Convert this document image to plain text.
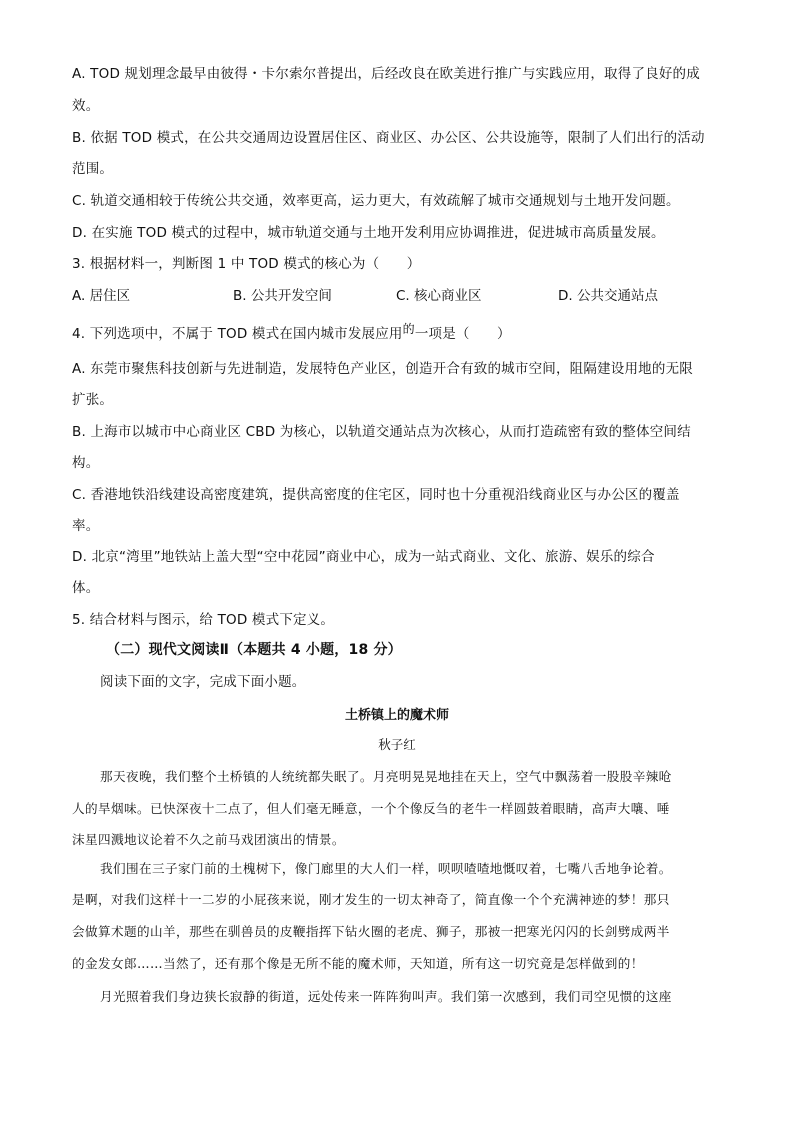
A. TOD 规划理念最早由彼得・卡尔索尔普提出，后经改良在欧美进行推广与实践应用，取得了良好的成
效。
B. 依据 TOD 模式，在公共交通周边设置居住区、商业区、办公区、公共设施等，限制了人们出行的活动
范围。
C. 轨道交通相较于传统公共交通，效率更高，运力更大，有效疏解了城市交通规划与土地开发问题。
D. 在实施 TOD 模式的过程中，城市轨道交通与土地开发利用应协调推进，促进城市高质量发展。
3. 根据材料一，判断图 1 中 TOD 模式的核心为（　　）
A. 居住区	B. 公共开发空间	C. 核心商业区	D. 公共交通站点
4. 下列选项中，不属于 TOD 模式在国内城市发展应用的一项是（　　）
A. 东莞市聚焦科技创新与先进制造，发展特色产业区，创造开合有致的城市空间，阻隔建设用地的无限
扩张。
B. 上海市以城市中心商业区 CBD 为核心，以轨道交通站点为次核心，从而打造疏密有致的整体空间结
构。
C. 香港地铁沿线建设高密度建筑，提供高密度的住宅区，同时也十分重视沿线商业区与办公区的覆盖
率。
D. 北京“湾里”地铁站上盖大型“空中花园”商业中心，成为一站式商业、文化、旅游、娱乐的综合
体。
5. 结合材料与图示，给 TOD 模式下定义。
（二）现代文阅读Ⅱ（本题共 4 小题，18 分）
阅读下面的文字，完成下面小题。
土桥镇上的魔术师
秋子红
那天夜晚，我们整个土桥镇的人统统都失眠了。月亮明晃晃地挂在天上，空气中飘荡着一股股辛辣呛
人的旱烟味。已快深夜十二点了，但人们毫无睡意，一个个像反刍的老牛一样圆鼓着眼睛，高声大嚷、唾
沫星四溅地议论着不久之前马戏团演出的情景。
我们围在三子家门前的土槐树下，像门廊里的大人们一样，呗呗喳喳地慨叹着，七嘴八舌地争论着。
是啊，对我们这样十一二岁的小屁孩来说，刚才发生的一切太神奇了，简直像一个个充满神迹的梦！那只
会做算术题的山羊，那些在驯兽员的皮鞭指挥下钻火圈的老虎、狮子，那被一把寒光闪闪的长剑劈成两半
的金发女郎……当然了，还有那个像是无所不能的魔术师，天知道，所有这一切究竟是怎样做到的！
月光照着我们身边狭长寂静的街道，远处传来一阵阵狗叫声。我们第一次感到，我们司空见惯的这座
